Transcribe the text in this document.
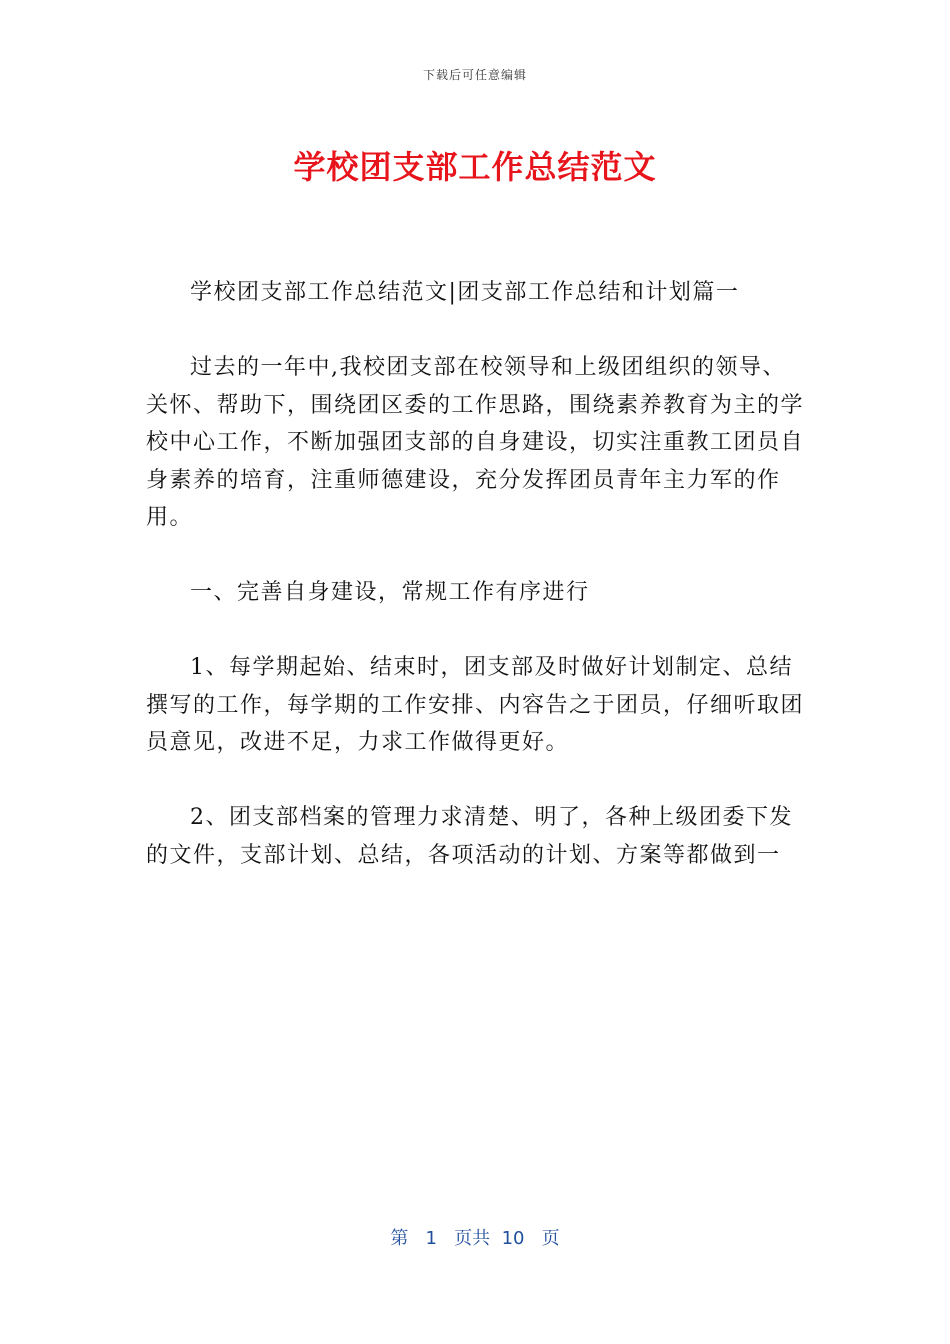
下载后可任意编辑
学校团支部工作总结范文

学校团支部工作总结范文|团支部工作总结和计划篇一

过去的一年中,我校团支部在校领导和上级团组织的领导、关怀、帮助下，围绕团区委的工作思路，围绕素养教育为主的学校中心工作，不断加强团支部的自身建设，切实注重教工团员自身素养的培育，注重师德建设，充分发挥团员青年主力军的作用。

一、完善自身建设，常规工作有序进行

1、每学期起始、结束时，团支部及时做好计划制定、总结撰写的工作，每学期的工作安排、内容告之于团员，仔细听取团员意见，改进不足，力求工作做得更好。

2、团支部档案的管理力求清楚、明了，各种上级团委下发的文件，支部计划、总结，各项活动的计划、方案等都做到一

第 1 页共 10 页
